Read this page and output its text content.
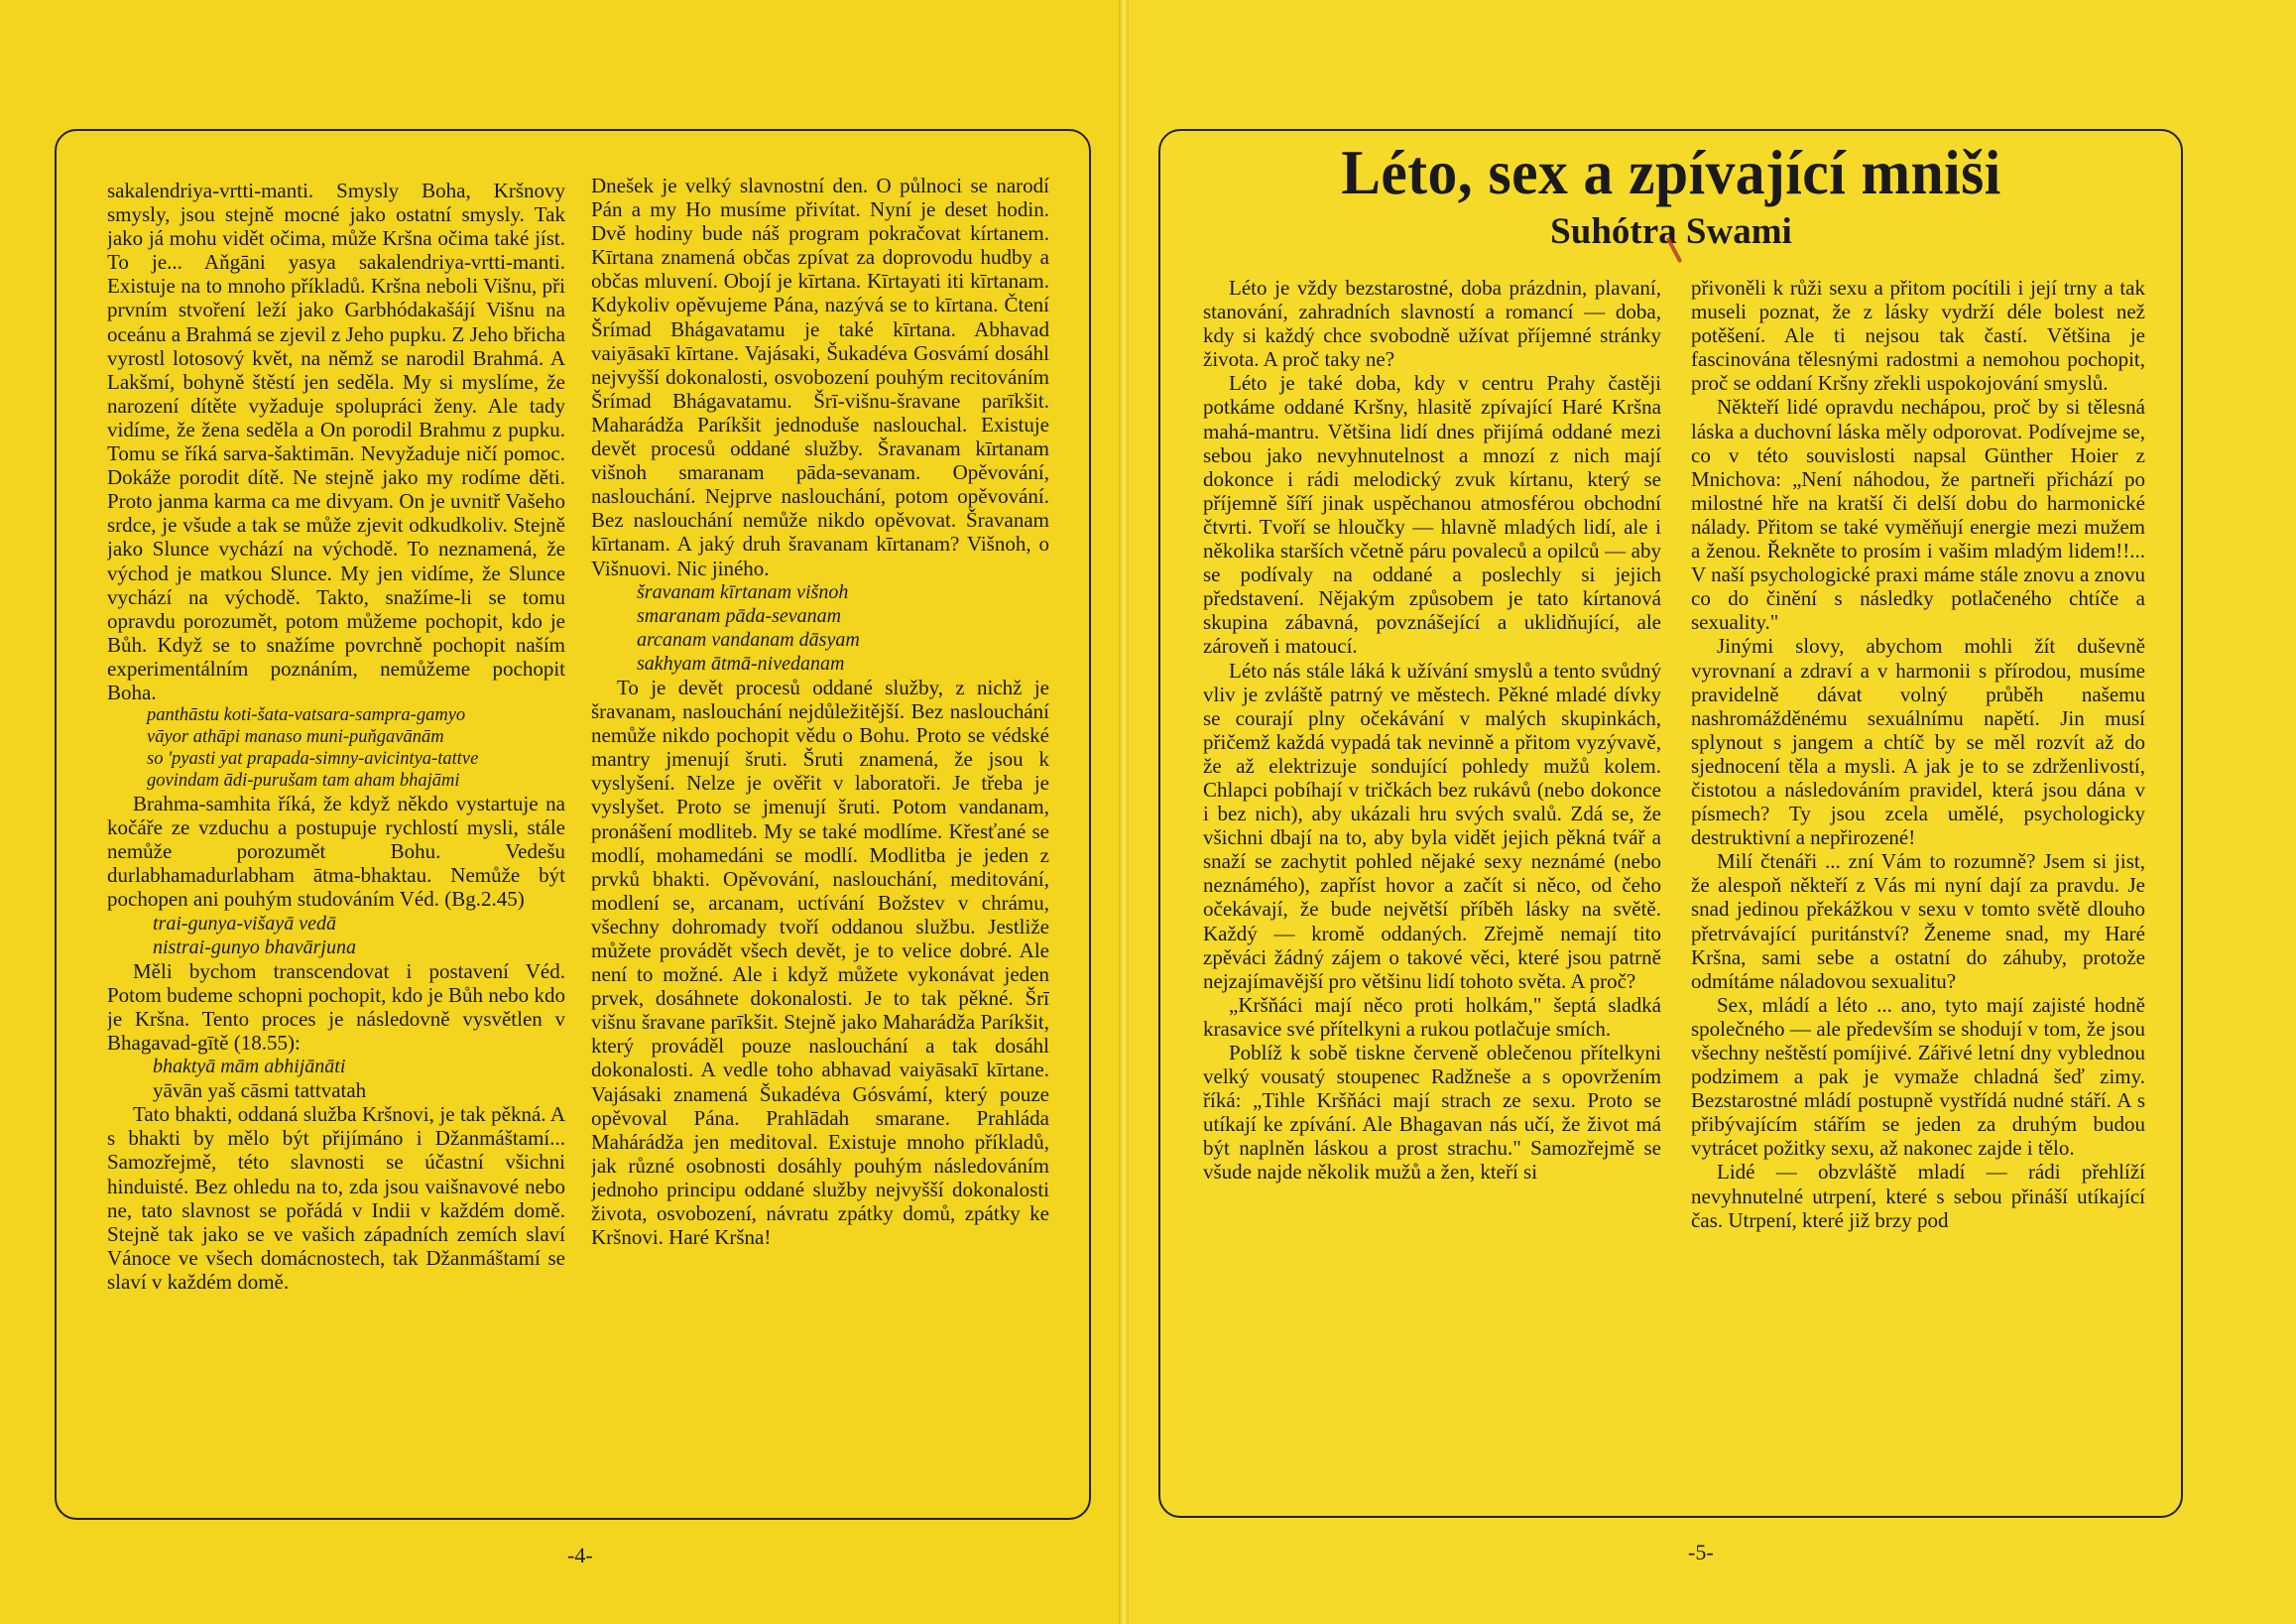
sakalendriya-vrtti-manti. Smysly Boha, Kršnovy smysly, jsou stejně mocné jako ostatní smysly. Tak jako já mohu vidět očima, může Kršna očima také jíst. To je... Aňgāni yasya sakalendriya-vrtti-manti. Existuje na to mnoho příkladů. Kršna neboli Višnu, při prvním stvoření leží jako Garbhódakašájí Višnu na oceánu a Brahmá se zjevil z Jeho pupku. Z Jeho břicha vyrostl lotosový květ, na němž se narodil Brahmá. A Lakšmí, bohyně štěstí jen seděla. My si myslíme, že narození dítěte vyžaduje spolupráci ženy. Ale tady vidíme, že žena seděla a On porodil Brahmu z pupku. Tomu se říká sarva-šaktimān. Nevyžaduje ničí pomoc. Dokáže porodit dítě. Ne stejně jako my rodíme děti. Proto janma karma ca me divyam. On je uvnitř Vašeho srdce, je všude a tak se může zjevit odkudkoliv. Stejně jako Slunce vychází na východě. To neznamená, že východ je matkou Slunce. My jen vidíme, že Slunce vychází na východě. Takto, snažíme-li se tomu opravdu porozumět, potom můžeme pochopit, kdo je Bůh. Když se to snažíme povrchně pochopit naším experimentálním poznáním, nemůžeme pochopit Boha.

panthāstu koti-šata-vatsara-sampra-gamyo

vāyor athāpi manaso muni-puňgavānām

so 'pyasti yat prapada-simny-avicintya-tattve

govindam ādi-purušam tam aham bhajāmi

Brahma-samhita říká, že když někdo vystartuje na kočáře ze vzduchu a postupuje rychlostí mysli, stále nemůže porozumět Bohu. Vedešu durlabhamadurlabham ātma-bhaktau. Nemůže být pochopen ani pouhým studováním Véd. (Bg.2.45)

trai-gunya-višayā vedā

nistrai-gunyo bhavārjuna

Měli bychom transcendovat i postavení Véd. Potom budeme schopni pochopit, kdo je Bůh nebo kdo je Kršna. Tento proces je následovně vysvětlen v Bhagavad-gītě (18.55):

bhaktyā mām abhijānāti

yāvān yaš cāsmi tattvatah

Tato bhakti, oddaná služba Kršnovi, je tak pěkná. A s bhakti by mělo být přijímáno i Džanmáštamí... Samozřejmě, této slavnosti se účastní všichni hinduisté. Bez ohledu na to, zda jsou vaišnavové nebo ne, tato slavnost se pořádá v Indii v každém domě. Stejně tak jako se ve vašich západních zemích slaví Vánoce ve všech domácnostech, tak Džanmáštamí se slaví v každém domě.

Dnešek je velký slavnostní den. O půlnoci se narodí Pán a my Ho musíme přivítat. Nyní je deset hodin. Dvě hodiny bude náš program pokračovat kírtanem. Kīrtana znamená občas zpívat za doprovodu hudby a občas mluvení. Obojí je kīrtana. Kīrtayati iti kīrtanam. Kdykoliv opěvujeme Pána, nazývá se to kīrtana. Čtení Šrímad Bhágavatamu je také kīrtana. Abhavad vaiyāsakī kīrtane. Vajásaki, Šukadéva Gosvámí dosáhl nejvyšší dokonalosti, osvobození pouhým recitováním Šrímad Bhágavatamu. Šrī-višnu-šravane parīkšit. Maharádža Paríkšit jednoduše naslouchal. Existuje devět procesů oddané služby. Šravanam kīrtanam višnoh smaranam pāda-sevanam. Opěvování, naslouchání. Nejprve naslouchání, potom opěvování. Bez naslouchání nemůže nikdo opěvovat. Šravanam kīrtanam. A jaký druh šravanam kīrtanam? Višnoh, o Višnuovi. Nic jiného.

šravanam kīrtanam višnoh

smaranam pāda-sevanam

arcanam vandanam dāsyam

sakhyam ātmā-nivedanam

To je devět procesů oddané služby, z nichž je šravanam, naslouchání nejdůležitější. Bez naslouchání nemůže nikdo pochopit vědu o Bohu. Proto se védské mantry jmenují šruti. Šruti znamená, že jsou k vyslyšení. Nelze je ověřit v laboratoři. Je třeba je vyslyšet. Proto se jmenují šruti. Potom vandanam, pronášení modliteb. My se také modlíme. Křesťané se modlí, mohamedáni se modlí. Modlitba je jeden z prvků bhakti. Opěvování, naslouchání, meditování, modlení se, arcanam, uctívání Božstev v chrámu, všechny dohromady tvoří oddanou službu. Jestliže můžete provádět všech devět, je to velice dobré. Ale není to možné. Ale i když můžete vykonávat jeden prvek, dosáhnete dokonalosti. Je to tak pěkné. Šrī višnu šravane parīkšit. Stejně jako Maharádža Paríkšit, který prováděl pouze naslouchání a tak dosáhl dokonalosti. A vedle toho abhavad vaiyāsakī kīrtane. Vajásaki znamená Šukadéva Gósvámí, který pouze opěvoval Pána. Prahlādah smarane. Prahláda Mahárádža jen meditoval. Existuje mnoho příkladů, jak různé osobnosti dosáhly pouhým následováním jednoho principu oddané služby nejvyšší dokonalosti života, osvobození, návratu zpátky domů, zpátky ke Kršnovi. Haré Kršna!

Léto, sex a zpívající mniši
Suhótra Swami

Léto je vždy bezstarostné, doba prázdnin, plavaní, stanování, zahradních slavností a romancí — doba, kdy si každý chce svobodně užívat příjemné stránky života. A proč taky ne?

Léto je také doba, kdy v centru Prahy častěji potkáme oddané Kršny, hlasitě zpívající Haré Kršna mahá-mantru. Většina lidí dnes přijímá oddané mezi sebou jako nevyhnutelnost a mnozí z nich mají dokonce i rádi melodický zvuk kírtanu, který se příjemně šíří jinak uspěchanou atmosférou obchodní čtvrti. Tvoří se hloučky — hlavně mladých lidí, ale i několika starších včetně páru povaleců a opilců — aby se podívaly na oddané a poslechly si jejich představení. Nějakým způsobem je tato kírtanová skupina zábavná, povznášející a uklidňující, ale zároveň i matoucí.

Léto nás stále láká k užívání smyslů a tento svůdný vliv je zvláště patrný ve městech. Pěkné mladé dívky se courají plny očekávání v malých skupinkách, přičemž každá vypadá tak nevinně a přitom vyzývavě, že až elektrizuje sondující pohledy mužů kolem. Chlapci pobíhají v tričkách bez rukávů (nebo dokonce i bez nich), aby ukázali hru svých svalů. Zdá se, že všichni dbají na to, aby byla vidět jejich pěkná tvář a snaží se zachytit pohled nějaké sexy neznámé (nebo neznámého), zapříst hovor a začít si něco, od čeho očekávají, že bude největší příběh lásky na světě. Každý — kromě oddaných. Zřejmě nemají tito zpěváci žádný zájem o takové věci, které jsou patrně nejzajímavější pro většinu lidí tohoto světa. A proč?

„Kršňáci mají něco proti holkám," šeptá sladká krasavice své přítelkyni a rukou potlačuje smích.

Poblíž k sobě tiskne červeně oblečenou přítelkyni velký vousatý stoupenec Radžneše a s opovržením říká: „Tihle Kršňáci mají strach ze sexu. Proto se utíkají ke zpívání. Ale Bhagavan nás učí, že život má být naplněn láskou a prost strachu." Samozřejmě se všude najde několik mužů a žen, kteří si

přivoněli k růži sexu a přitom pocítili i její trny a tak museli poznat, že z lásky vydrží déle bolest než potěšení. Ale ti nejsou tak častí. Většina je fascinována tělesnými radostmi a nemohou pochopit, proč se oddaní Kršny zřekli uspokojování smyslů.

Někteří lidé opravdu nechápou, proč by si tělesná láska a duchovní láska měly odporovat. Podívejme se, co v této souvislosti napsal Günther Hoier z Mnichova: „Není náhodou, že partneři přichází po milostné hře na kratší či delší dobu do harmonické nálady. Přitom se také vyměňují energie mezi mužem a ženou. Řekněte to prosím i vašim mladým lidem!!... V naší psychologické praxi máme stále znovu a znovu co do činění s následky potlačeného chtíče a sexuality."

Jinými slovy, abychom mohli žít duševně vyrovnaní a zdraví a v harmonii s přírodou, musíme pravidelně dávat volný průběh našemu nashromážděnému sexuálnímu napětí. Jin musí splynout s jangem a chtíč by se měl rozvít až do sjednocení těla a mysli. A jak je to se zdrženlivostí, čistotou a následováním pravidel, která jsou dána v písmech? Ty jsou zcela umělé, psychologicky destruktivní a nepřirozené!

Milí čtenáři ... zní Vám to rozumně? Jsem si jist, že alespoň někteří z Vás mi nyní dají za pravdu. Je snad jedinou překážkou v sexu v tomto světě dlouho přetrvávající puritánství? Ženeme snad, my Haré Kršna, sami sebe a ostatní do záhuby, protože odmítáme náladovou sexualitu?

Sex, mládí a léto ... ano, tyto mají zajisté hodně společného — ale především se shodují v tom, že jsou všechny neštěstí pomíjivé. Zářivé letní dny vyblednou podzimem a pak je vymaže chladná šeď zimy. Bezstarostné mládí postupně vystřídá nudné stáří. A s přibývajícím stářím se jeden za druhým budou vytrácet požitky sexu, až nakonec zajde i tělo.

Lidé — obzvláště mladí — rádi přehlíží nevyhnutelné utrpení, které s sebou přináší utíkající čas. Utrpení, které již brzy pod

-4-	-5-
